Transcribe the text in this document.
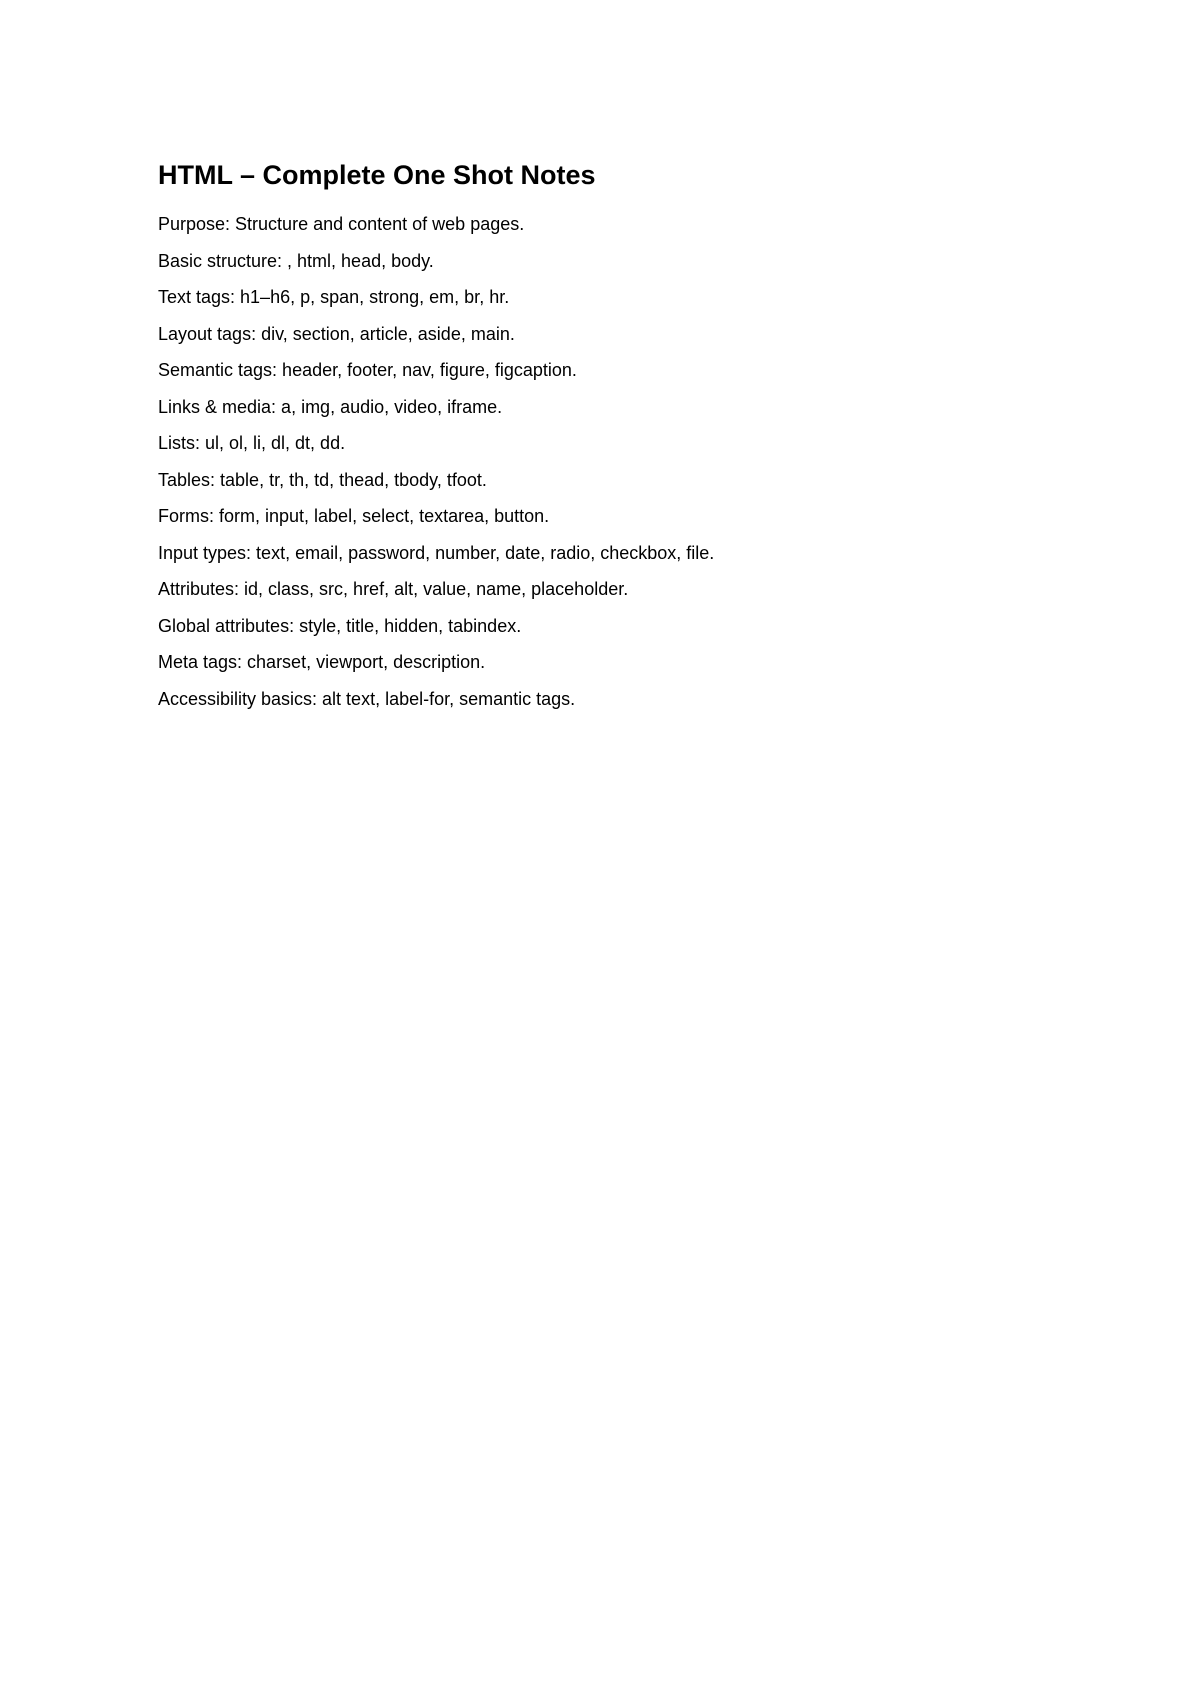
HTML – Complete One Shot Notes
Purpose: Structure and content of web pages.
Basic structure: , html, head, body.
Text tags: h1–h6, p, span, strong, em, br, hr.
Layout tags: div, section, article, aside, main.
Semantic tags: header, footer, nav, figure, figcaption.
Links & media: a, img, audio, video, iframe.
Lists: ul, ol, li, dl, dt, dd.
Tables: table, tr, th, td, thead, tbody, tfoot.
Forms: form, input, label, select, textarea, button.
Input types: text, email, password, number, date, radio, checkbox, file.
Attributes: id, class, src, href, alt, value, name, placeholder.
Global attributes: style, title, hidden, tabindex.
Meta tags: charset, viewport, description.
Accessibility basics: alt text, label-for, semantic tags.
